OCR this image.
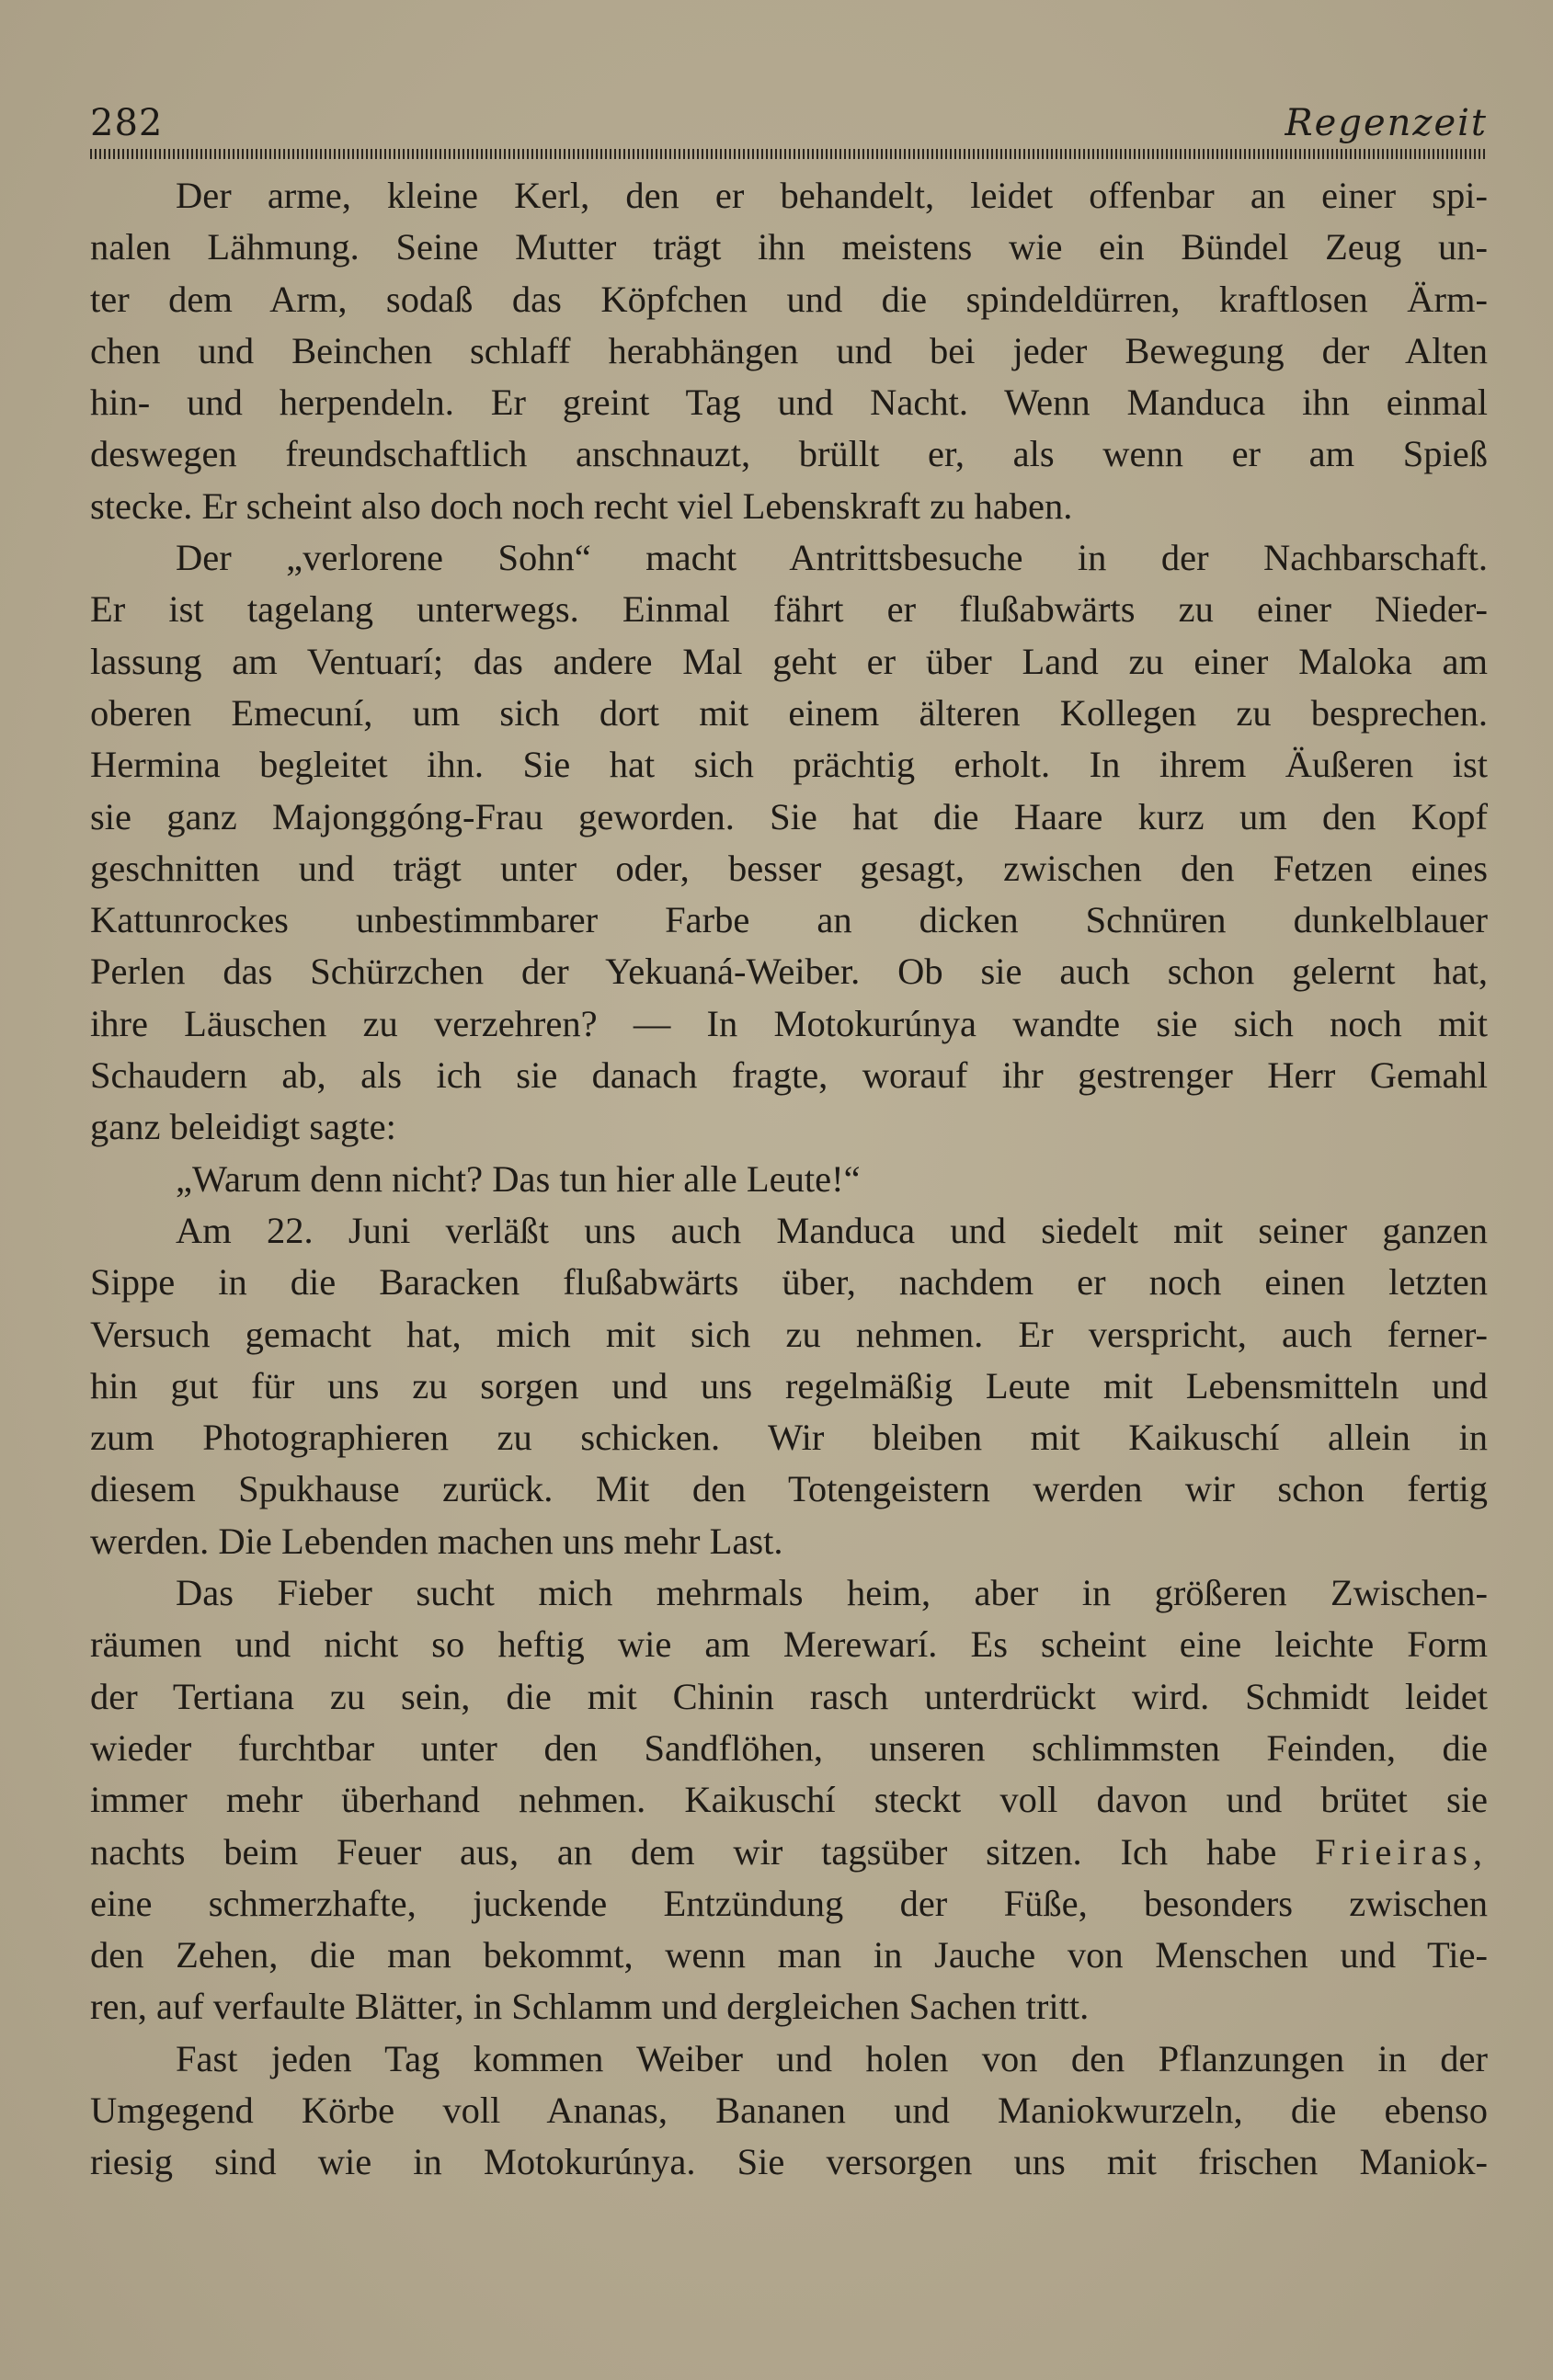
282	Regenzeit

Der arme, kleine Kerl, den er behandelt, leidet offenbar an einer spi-

nalen Lähmung. Seine Mutter trägt ihn meistens wie ein Bündel Zeug un-

ter dem Arm, sodaß das Köpfchen und die spindeldürren, kraftlosen Ärm-

chen und Beinchen schlaff herabhängen und bei jeder Bewegung der Alten

hin- und herpendeln. Er greint Tag und Nacht. Wenn Manduca ihn einmal

deswegen freundschaftlich anschnauzt, brüllt er, als wenn er am Spieß

stecke. Er scheint also doch noch recht viel Lebenskraft zu haben.

Der „verlorene Sohn“ macht Antrittsbesuche in der Nachbarschaft.

Er ist tagelang unterwegs. Einmal fährt er flußabwärts zu einer Nieder-

lassung am Ventuarí; das andere Mal geht er über Land zu einer Maloka am

oberen Emecuní, um sich dort mit einem älteren Kollegen zu besprechen.

Hermina begleitet ihn. Sie hat sich prächtig erholt. In ihrem Äußeren ist

sie ganz Majonggóng-Frau geworden. Sie hat die Haare kurz um den Kopf

geschnitten und trägt unter oder, besser gesagt, zwischen den Fetzen eines

Kattunrockes unbestimmbarer Farbe an dicken Schnüren dunkelblauer

Perlen das Schürzchen der Yekuaná-Weiber. Ob sie auch schon gelernt hat,

ihre Läuschen zu verzehren? — In Motokurúnya wandte sie sich noch mit

Schaudern ab, als ich sie danach fragte, worauf ihr gestrenger Herr Gemahl

ganz beleidigt sagte:

„Warum denn nicht? Das tun hier alle Leute!“

Am 22. Juni verläßt uns auch Manduca und siedelt mit seiner ganzen

Sippe in die Baracken flußabwärts über, nachdem er noch einen letzten

Versuch gemacht hat, mich mit sich zu nehmen. Er verspricht, auch ferner-

hin gut für uns zu sorgen und uns regelmäßig Leute mit Lebensmitteln und

zum Photographieren zu schicken. Wir bleiben mit Kaikuschí allein in

diesem Spukhause zurück. Mit den Totengeistern werden wir schon fertig

werden. Die Lebenden machen uns mehr Last.

Das Fieber sucht mich mehrmals heim, aber in größeren Zwischen-

räumen und nicht so heftig wie am Merewarí. Es scheint eine leichte Form

der Tertiana zu sein, die mit Chinin rasch unterdrückt wird. Schmidt leidet

wieder furchtbar unter den Sandflöhen, unseren schlimmsten Feinden, die

immer mehr überhand nehmen. Kaikuschí steckt voll davon und brütet sie

nachts beim Feuer aus, an dem wir tagsüber sitzen. Ich habe Frieiras,

eine schmerzhafte, juckende Entzündung der Füße, besonders zwischen

den Zehen, die man bekommt, wenn man in Jauche von Menschen und Tie-

ren, auf verfaulte Blätter, in Schlamm und dergleichen Sachen tritt.

Fast jeden Tag kommen Weiber und holen von den Pflanzungen in der

Umgegend Körbe voll Ananas, Bananen und Maniokwurzeln, die ebenso

riesig sind wie in Motokurúnya. Sie versorgen uns mit frischen Maniok-
